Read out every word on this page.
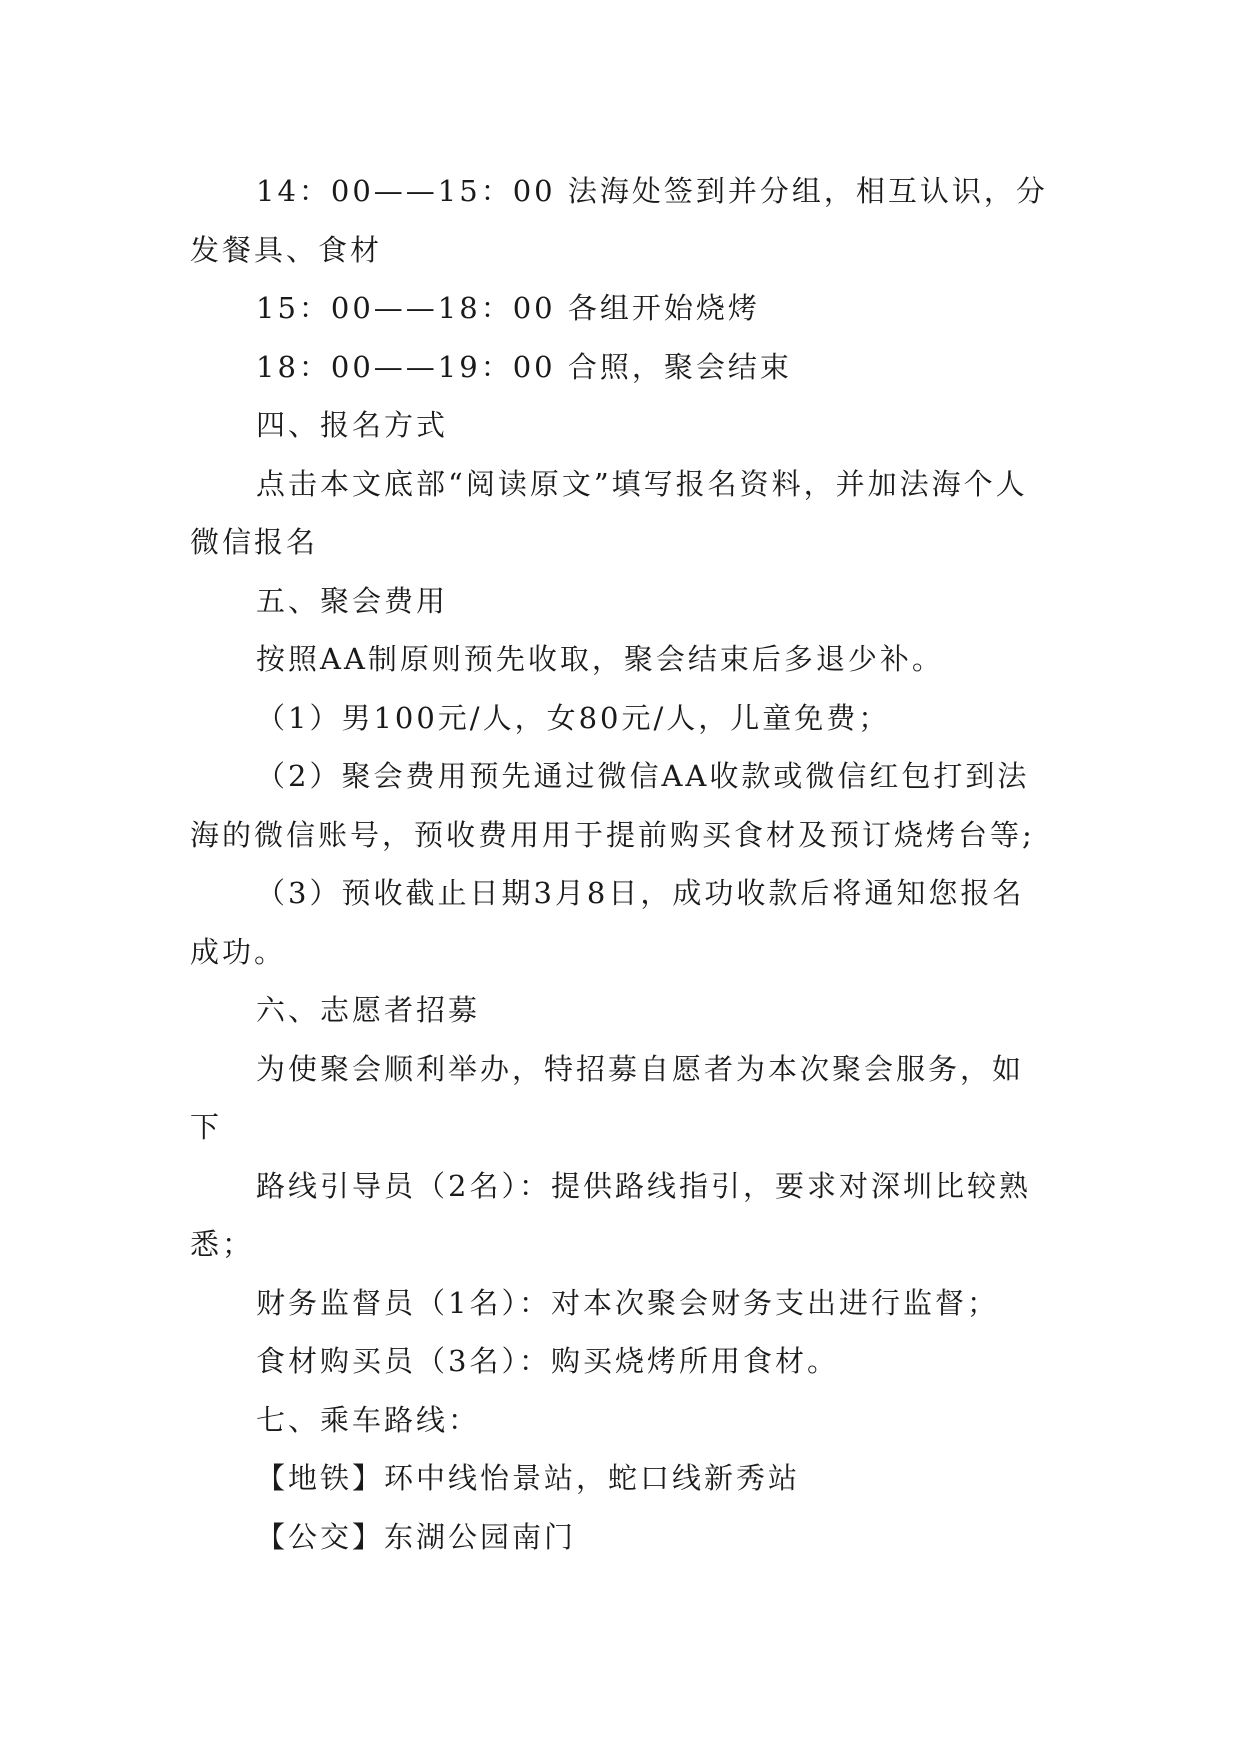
14：00——15：00 法海处签到并分组，相互认识，分发餐具、食材

15：00——18：00 各组开始烧烤

18：00——19：00 合照，聚会结束

四、报名方式

点击本文底部“阅读原文”填写报名资料，并加法海个人微信报名

五、聚会费用

按照AA制原则预先收取，聚会结束后多退少补。

（1）男100元/人，女80元/人，儿童免费；

（2）聚会费用预先通过微信AA收款或微信红包打到法海的微信账号，预收费用用于提前购买食材及预订烧烤台等;

（3）预收截止日期3月8日，成功收款后将通知您报名成功。

六、志愿者招募

为使聚会顺利举办，特招募自愿者为本次聚会服务，如下

路线引导员（2名）：提供路线指引，要求对深圳比较熟悉；

财务监督员（1名）：对本次聚会财务支出进行监督；

食材购买员（3名）：购买烧烤所用食材。

七、乘车路线：

【地铁】环中线怡景站，蛇口线新秀站

【公交】东湖公园南门
